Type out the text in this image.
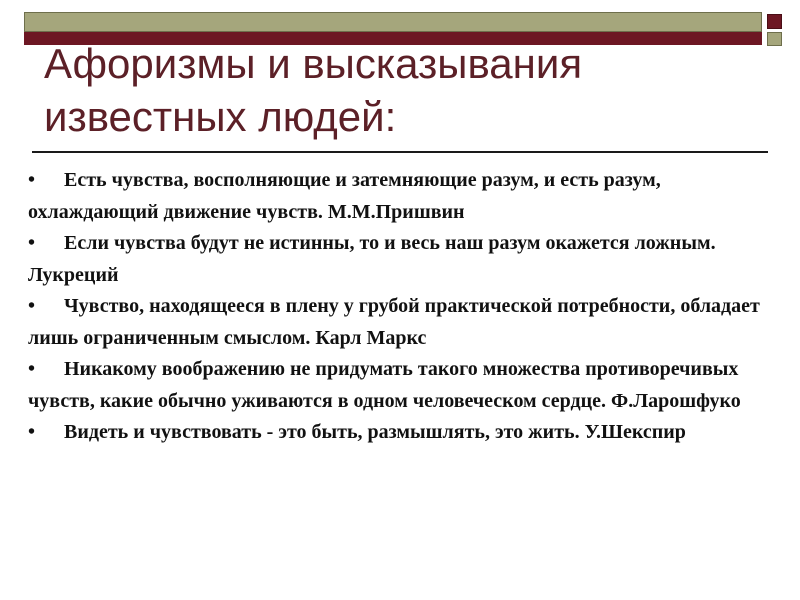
Афоризмы и высказывания
известных людей:
• Есть чувства, восполняющие и затемняющие разум, и есть разум, охлаждающий движение чувств. М.М.Пришвин
• Если чувства будут не истинны, то и весь наш разум окажется ложным. Лукреций
• Чувство, находящееся в плену у грубой практической потребности, обладает лишь ограниченным смыслом. Карл Маркс
• Никакому воображению не придумать такого множества противоречивых чувств, какие обычно уживаются в одном человеческом сердце. Ф.Ларошфуко
• Видеть и чувствовать - это быть, размышлять, это жить. У.Шекспир
